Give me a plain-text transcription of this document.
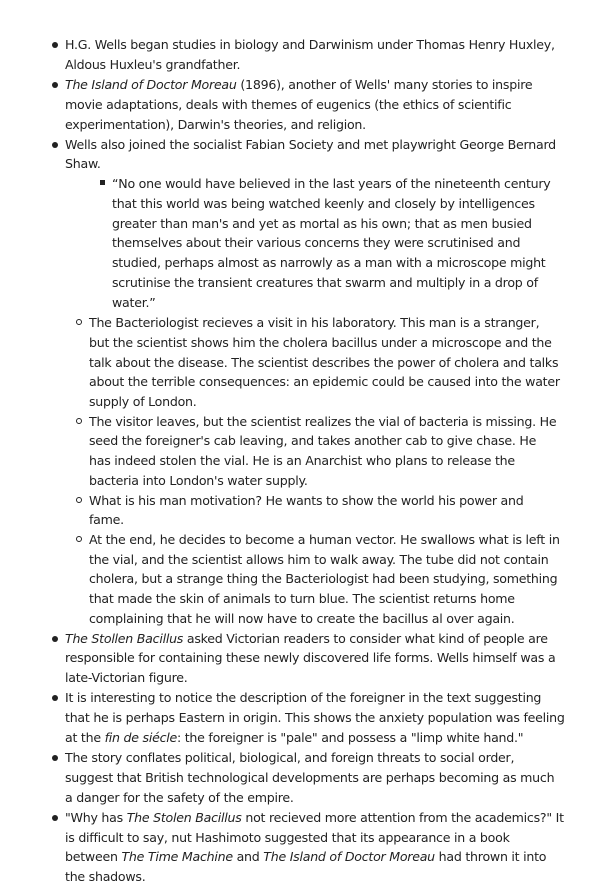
H.G. Wells began studies in biology and Darwinism under Thomas Henry Huxley, Aldous Huxleu's grandfather.
The Island of Doctor Moreau (1896), another of Wells' many stories to inspire movie adaptations, deals with themes of eugenics (the ethics of scientific experimentation), Darwin's theories, and religion.
Wells also joined the socialist Fabian Society and met playwright George Bernard Shaw.
“No one would have believed in the last years of the nineteenth century that this world was being watched keenly and closely by intelligences greater than man's and yet as mortal as his own; that as men busied themselves about their various concerns they were scrutinised and studied, perhaps almost as narrowly as a man with a microscope might scrutinise the transient creatures that swarm and multiply in a drop of water.”
The Bacteriologist recieves a visit in his laboratory. This man is a stranger, but the scientist shows him the cholera bacillus under a microscope and the talk about the disease. The scientist describes the power of cholera and talks about the terrible consequences: an epidemic could be caused into the water supply of London.
The visitor leaves, but the scientist realizes the vial of bacteria is missing. He seed the foreigner's cab leaving, and takes another cab to give chase. He has indeed stolen the vial. He is an Anarchist who plans to release the bacteria into London's water supply.
What is his man motivation? He wants to show the world his power and fame.
At the end, he decides to become a human vector. He swallows what is left in the vial, and the scientist allows him to walk away. The tube did not contain cholera, but a strange thing the Bacteriologist had been studying, something that made the skin of animals to turn blue. The scientist returns home complaining that he will now have to create the bacillus al over again.
The Stollen Bacillus asked Victorian readers to consider what kind of people are responsible for containing these newly discovered life forms. Wells himself was a late-Victorian figure.
It is interesting to notice the description of the foreigner in the text suggesting that he is perhaps Eastern in origin. This shows the anxiety population was feeling at the fin de siécle: the foreigner is "pale" and possess a "limp white hand."
The story conflates political, biological, and foreign threats to social order, suggest that British technological developments are perhaps becoming as much a danger for the safety of the empire.
"Why has The Stolen Bacillus not recieved more attention from the academics?" It is difficult to say, nut Hashimoto suggested that its appearance in a book between The Time Machine and The Island of Doctor Moreau had thrown it into the shadows.
